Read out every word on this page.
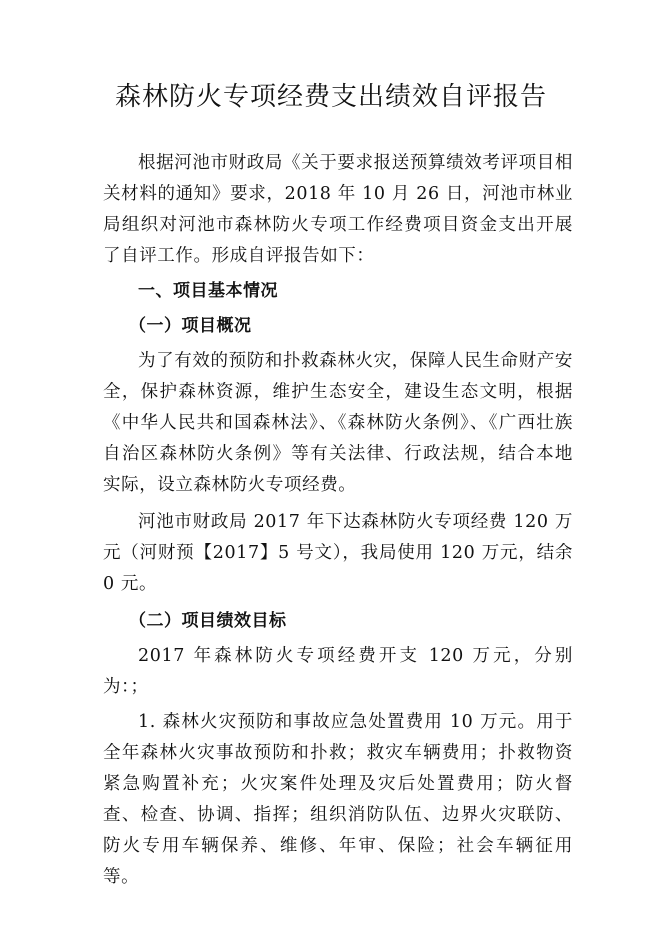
森林防火专项经费支出绩效自评报告

根据河池市财政局《关于要求报送预算绩效考评项目相关材料的通知》要求，2018 年 10 月 26 日，河池市林业局组织对河池市森林防火专项工作经费项目资金支出开展了自评工作。形成自评报告如下：

一、项目基本情况

（一）项目概况

为了有效的预防和扑救森林火灾，保障人民生命财产安全，保护森林资源，维护生态安全，建设生态文明，根据《中华人民共和国森林法》、《森林防火条例》、《广西壮族自治区森林防火条例》等有关法律、行政法规，结合本地实际，设立森林防火专项经费。

河池市财政局 2017 年下达森林防火专项经费 120 万元（河财预【2017】5 号文），我局使用 120 万元，结余 0 元。

（二）项目绩效目标

2017 年森林防火专项经费开支 120 万元，分别为：；

1. 森林火灾预防和事故应急处置费用 10 万元。用于全年森林火灾事故预防和扑救；救灾车辆费用；扑救物资紧急购置补充；火灾案件处理及灾后处置费用；防火督查、检查、协调、指挥；组织消防队伍、边界火灾联防、防火专用车辆保养、维修、年审、保险；社会车辆征用等。
